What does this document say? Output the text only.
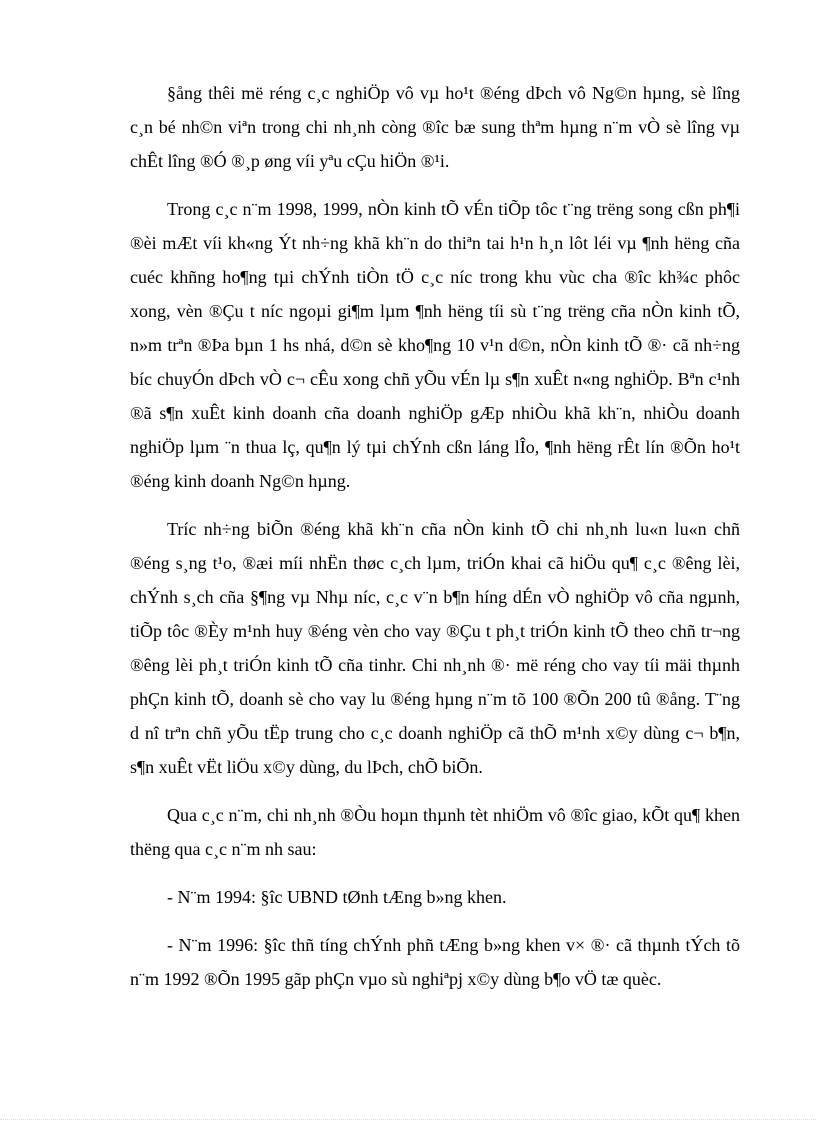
§ång thêi më réng c¸c nghiÖp vô vµ ho¹t ®éng dÞch vô Ng©n hµng, sè lîng c¸n bé nh©n viªn trong chi nh¸nh còng ®îc bæ sung thªm hµng n¨m vÒ sè lîng vµ chÊt lîng ®Ó ®¸p øng víi yªu cÇu hiÖn ®¹i.

Trong c¸c n¨m 1998, 1999, nÒn kinh tÕ vÉn tiÕp tôc t¨ng trëng song cßn ph¶i ®èi mÆt víi kh«ng Ýt nh÷ng khã kh¨n do thiªn tai h¹n h¸n lôt léi vµ ¶nh hëng cña cuéc khñng ho¶ng tµi chÝnh tiÒn tÖ c¸c níc trong khu vùc cha ®îc kh¾c phôc xong, vèn ®Çu t níc ngoµi gi¶m lµm ¶nh hëng tíi sù t¨ng trëng cña nÒn kinh tÕ, n»m trªn ®Þa bµn 1 hs nhá, d©n sè kho¶ng 10 v¹n d©n, nÒn kinh tÕ ®· cã nh÷ng bíc chuyÓn dÞch vÒ c¬ cÊu xong chñ yÕu vÉn lµ s¶n xuÊt n«ng nghiÖp. Bªn c¹nh ®ã s¶n xuÊt kinh doanh cña doanh nghiÖp gÆp nhiÒu khã kh¨n, nhiÒu doanh nghiÖp lµm ¨n thua lç, qu¶n lý tµi chÝnh cßn láng lÎo, ¶nh hëng rÊt lín ®Õn ho¹t ®éng kinh doanh Ng©n hµng.

Tríc nh÷ng biÕn ®éng khã kh¨n cña nÒn kinh tÕ chi nh¸nh lu«n lu«n chñ ®éng s¸ng t¹o, ®æi míi nhËn thøc c¸ch lµm, triÓn khai cã hiÖu qu¶ c¸c ®êng lèi, chÝnh s¸ch cña §¶ng vµ Nhµ níc, c¸c v¨n b¶n híng dÉn vÒ nghiÖp vô cña ngµnh, tiÕp tôc ®Èy m¹nh huy ®éng vèn cho vay ®Çu t ph¸t triÓn kinh tÕ theo chñ tr¬ng ®êng lèi ph¸t triÓn kinh tÕ cña tinhr. Chi nh¸nh ®· më réng cho vay tíi mäi thµnh phÇn kinh tÕ, doanh sè cho vay lu ®éng hµng n¨m tõ 100 ®Õn 200 tû ®ång. T¨ng d nî trªn chñ yÕu tËp trung cho c¸c doanh nghiÖp cã thÕ m¹nh x©y dùng c¬ b¶n, s¶n xuÊt vËt liÖu x©y dùng, du lÞch, chÕ biÕn.

Qua c¸c n¨m, chi nh¸nh ®Òu hoµn thµnh tèt nhiÖm vô ®îc giao, kÕt qu¶ khen thëng qua c¸c n¨m nh sau:

- N¨m 1994: §îc UBND tØnh tÆng b»ng khen.

- N¨m 1996: §îc thñ tíng chÝnh phñ tÆng b»ng khen v× ®· cã thµnh tÝch tõ n¨m 1992 ®Õn 1995 gãp phÇn vµo sù nghiªpj x©y dùng b¶o vÖ tæ quèc.
